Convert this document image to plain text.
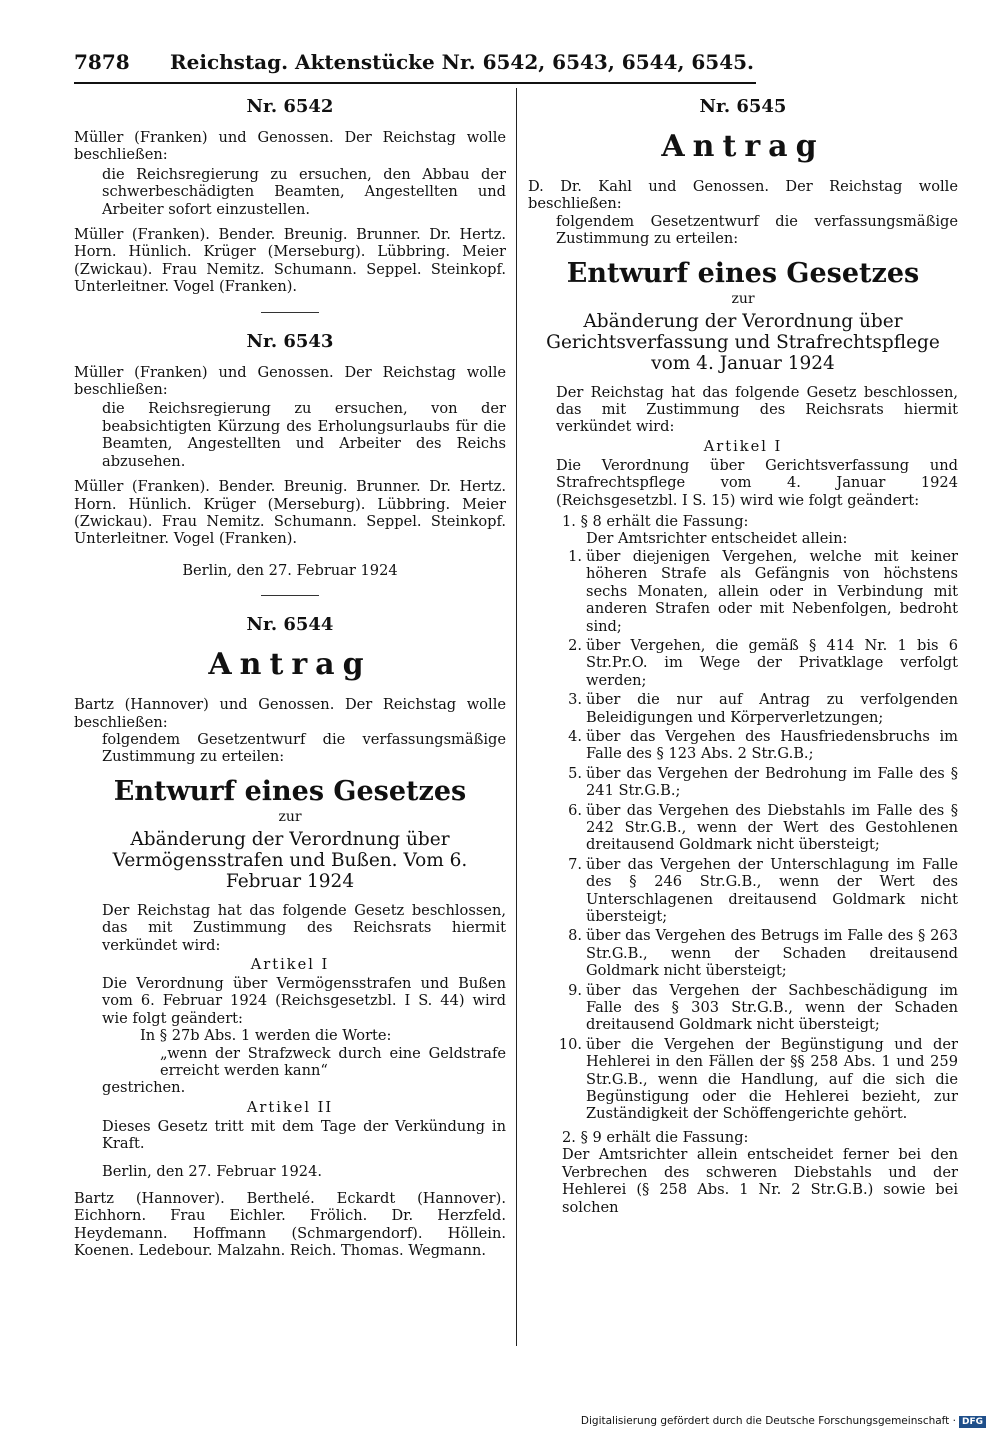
7878 Reichstag. Aktenstücke Nr. 6542, 6543, 6544, 6545.
Nr. 6542

Müller (Franken) und Genossen. Der Reichstag wolle beschließen:

die Reichsregierung zu ersuchen, den Abbau der schwerbeschädigten Beamten, Angestellten und Arbeiter sofort einzustellen.

Müller (Franken). Bender. Breunig. Brunner. Dr. Hertz. Horn. Hünlich. Krüger (Merseburg). Lübbring. Meier (Zwickau). Frau Nemitz. Schumann. Seppel. Steinkopf. Unterleitner. Vogel (Franken).

Nr. 6543

Müller (Franken) und Genossen. Der Reichstag wolle beschließen:

die Reichsregierung zu ersuchen, von der beabsichtigten Kürzung des Erholungsurlaubs für die Beamten, Angestellten und Arbeiter des Reichs abzusehen.

Müller (Franken). Bender. Breunig. Brunner. Dr. Hertz. Horn. Hünlich. Krüger (Merseburg). Lübbring. Meier (Zwickau). Frau Nemitz. Schumann. Seppel. Steinkopf. Unterleitner. Vogel (Franken).

Berlin, den 27. Februar 1924

Nr. 6544
Antrag

Bartz (Hannover) und Genossen. Der Reichstag wolle beschließen:

folgendem Gesetzentwurf die verfassungsmäßige Zustimmung zu erteilen:

Entwurf eines Gesetzes
zur
Abänderung der Verordnung über Vermögensstrafen und Bußen. Vom 6. Februar 1924

Der Reichstag hat das folgende Gesetz beschlossen, das mit Zustimmung des Reichsrats hiermit verkündet wird:

Artikel I

Die Verordnung über Vermögensstrafen und Bußen vom 6. Februar 1924 (Reichsgesetzbl. I S. 44) wird wie folgt geändert:

In § 27b Abs. 1 werden die Worte:

„wenn der Strafzweck durch eine Geldstrafe erreicht werden kann“

gestrichen.

Artikel II

Dieses Gesetz tritt mit dem Tage der Verkündung in Kraft.

Berlin, den 27. Februar 1924.

Bartz (Hannover). Berthelé. Eckardt (Hannover). Eichhorn. Frau Eichler. Frölich. Dr. Herzfeld. Heydemann. Hoffmann (Schmargendorf). Höllein. Koenen. Ledebour. Malzahn. Reich. Thomas. Wegmann.

Nr. 6545
Antrag

D. Dr. Kahl und Genossen. Der Reichstag wolle beschließen:

folgendem Gesetzentwurf die verfassungsmäßige Zustimmung zu erteilen:

Entwurf eines Gesetzes
zur
Abänderung der Verordnung über Gerichtsverfassung und Strafrechtspflege vom 4. Januar 1924

Der Reichstag hat das folgende Gesetz beschlossen, das mit Zustimmung des Reichsrats hiermit verkündet wird:

Artikel I

Die Verordnung über Gerichtsverfassung und Strafrechtspflege vom 4. Januar 1924 (Reichsgesetzbl. I S. 15) wird wie folgt geändert:

1. § 8 erhält die Fassung:

Der Amtsrichter entscheidet allein:

1. über diejenigen Vergehen, welche mit keiner höheren Strafe als Gefängnis von höchstens sechs Monaten, allein oder in Verbindung mit anderen Strafen oder mit Nebenfolgen, bedroht sind;
2. über Vergehen, die gemäß § 414 Nr. 1 bis 6 Str.Pr.O. im Wege der Privatklage verfolgt werden;
3. über die nur auf Antrag zu verfolgenden Beleidigungen und Körperverletzungen;
4. über das Vergehen des Hausfriedensbruchs im Falle des § 123 Abs. 2 Str.G.B.;
5. über das Vergehen der Bedrohung im Falle des § 241 Str.G.B.;
6. über das Vergehen des Diebstahls im Falle des § 242 Str.G.B., wenn der Wert des Gestohlenen dreitausend Goldmark nicht übersteigt;
7. über das Vergehen der Unterschlagung im Falle des § 246 Str.G.B., wenn der Wert des Unterschlagenen dreitausend Goldmark nicht übersteigt;
8. über das Vergehen des Betrugs im Falle des § 263 Str.G.B., wenn der Schaden dreitausend Goldmark nicht übersteigt;
9. über das Vergehen der Sachbeschädigung im Falle des § 303 Str.G.B., wenn der Schaden dreitausend Goldmark nicht übersteigt;
10. über die Vergehen der Begünstigung und der Hehlerei in den Fällen der §§ 258 Abs. 1 und 259 Str.G.B., wenn die Handlung, auf die sich die Begünstigung oder die Hehlerei bezieht, zur Zuständigkeit der Schöffengerichte gehört.

2. § 9 erhält die Fassung:

Der Amtsrichter allein entscheidet ferner bei den Verbrechen des schweren Diebstahls und der Hehlerei (§ 258 Abs. 1 Nr. 2 Str.G.B.) sowie bei solchen

Digitalisierung gefördert durch die Deutsche Forschungsgemeinschaft · DFG
